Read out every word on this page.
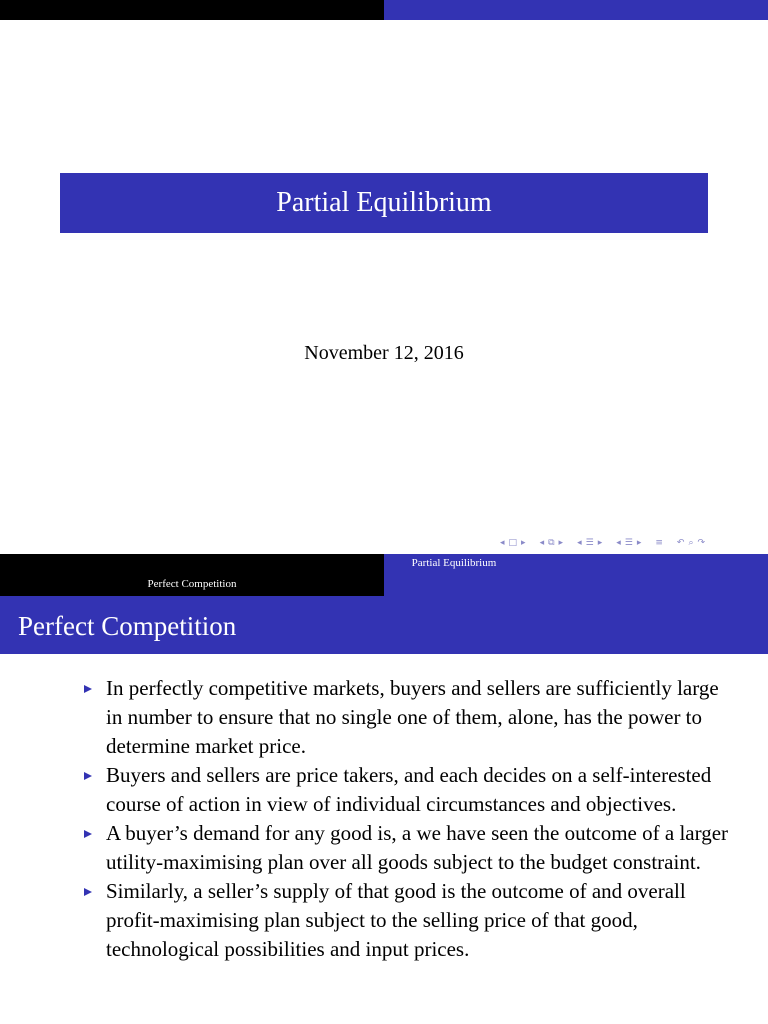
Partial Equilibrium
November 12, 2016
◂ □ ▸ ◂ ⧉ ▸ ◂ ☰ ▸ ◂ ☰ ▸ ≡ ↶ ⌕ ↷
Perfect Competition
Partial Equilibrium
Perfect Competition
In perfectly competitive markets, buyers and sellers are sufficiently large in number to ensure that no single one of them, alone, has the power to determine market price.
Buyers and sellers are price takers, and each decides on a self-interested course of action in view of individual circumstances and objectives.
A buyer’s demand for any good is, a we have seen the outcome of a larger utility-maximising plan over all goods subject to the budget constraint.
Similarly, a seller’s supply of that good is the outcome of and overall profit-maximising plan subject to the selling price of that good, technological possibilities and input prices.
